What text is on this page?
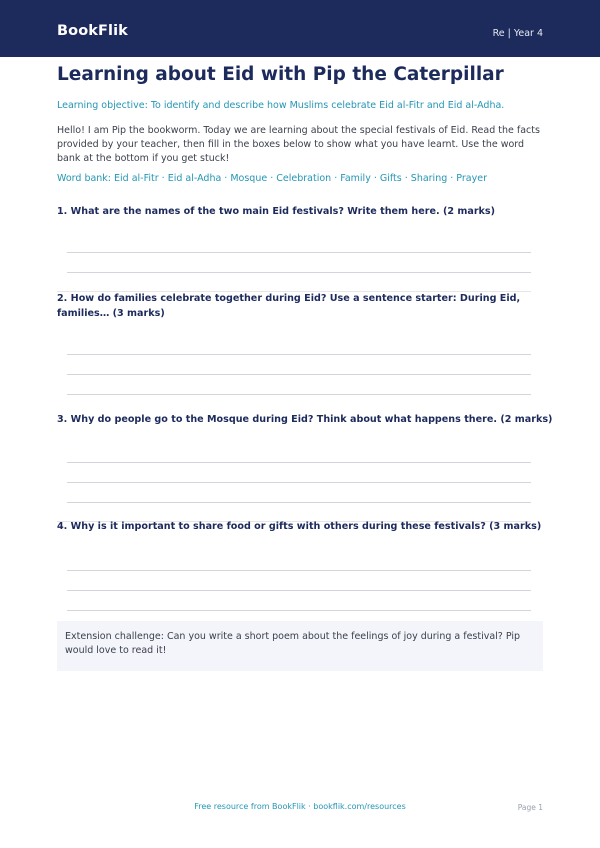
BookFlik	Re | Year 4
Learning about Eid with Pip the Caterpillar
Learning objective: To identify and describe how Muslims celebrate Eid al-Fitr and Eid al-Adha.
Hello! I am Pip the bookworm. Today we are learning about the special festivals of Eid. Read the facts provided by your teacher, then fill in the boxes below to show what you have learnt. Use the word bank at the bottom if you get stuck!
Word bank: Eid al-Fitr · Eid al-Adha · Mosque · Celebration · Family · Gifts · Sharing · Prayer
1. What are the names of the two main Eid festivals? Write them here. (2 marks)
2. How do families celebrate together during Eid? Use a sentence starter: During Eid, families… (3 marks)
3. Why do people go to the Mosque during Eid? Think about what happens there. (2 marks)
4. Why is it important to share food or gifts with others during these festivals? (3 marks)
Extension challenge: Can you write a short poem about the feelings of joy during a festival? Pip would love to read it!
Free resource from BookFlik · bookflik.com/resources	Page 1
